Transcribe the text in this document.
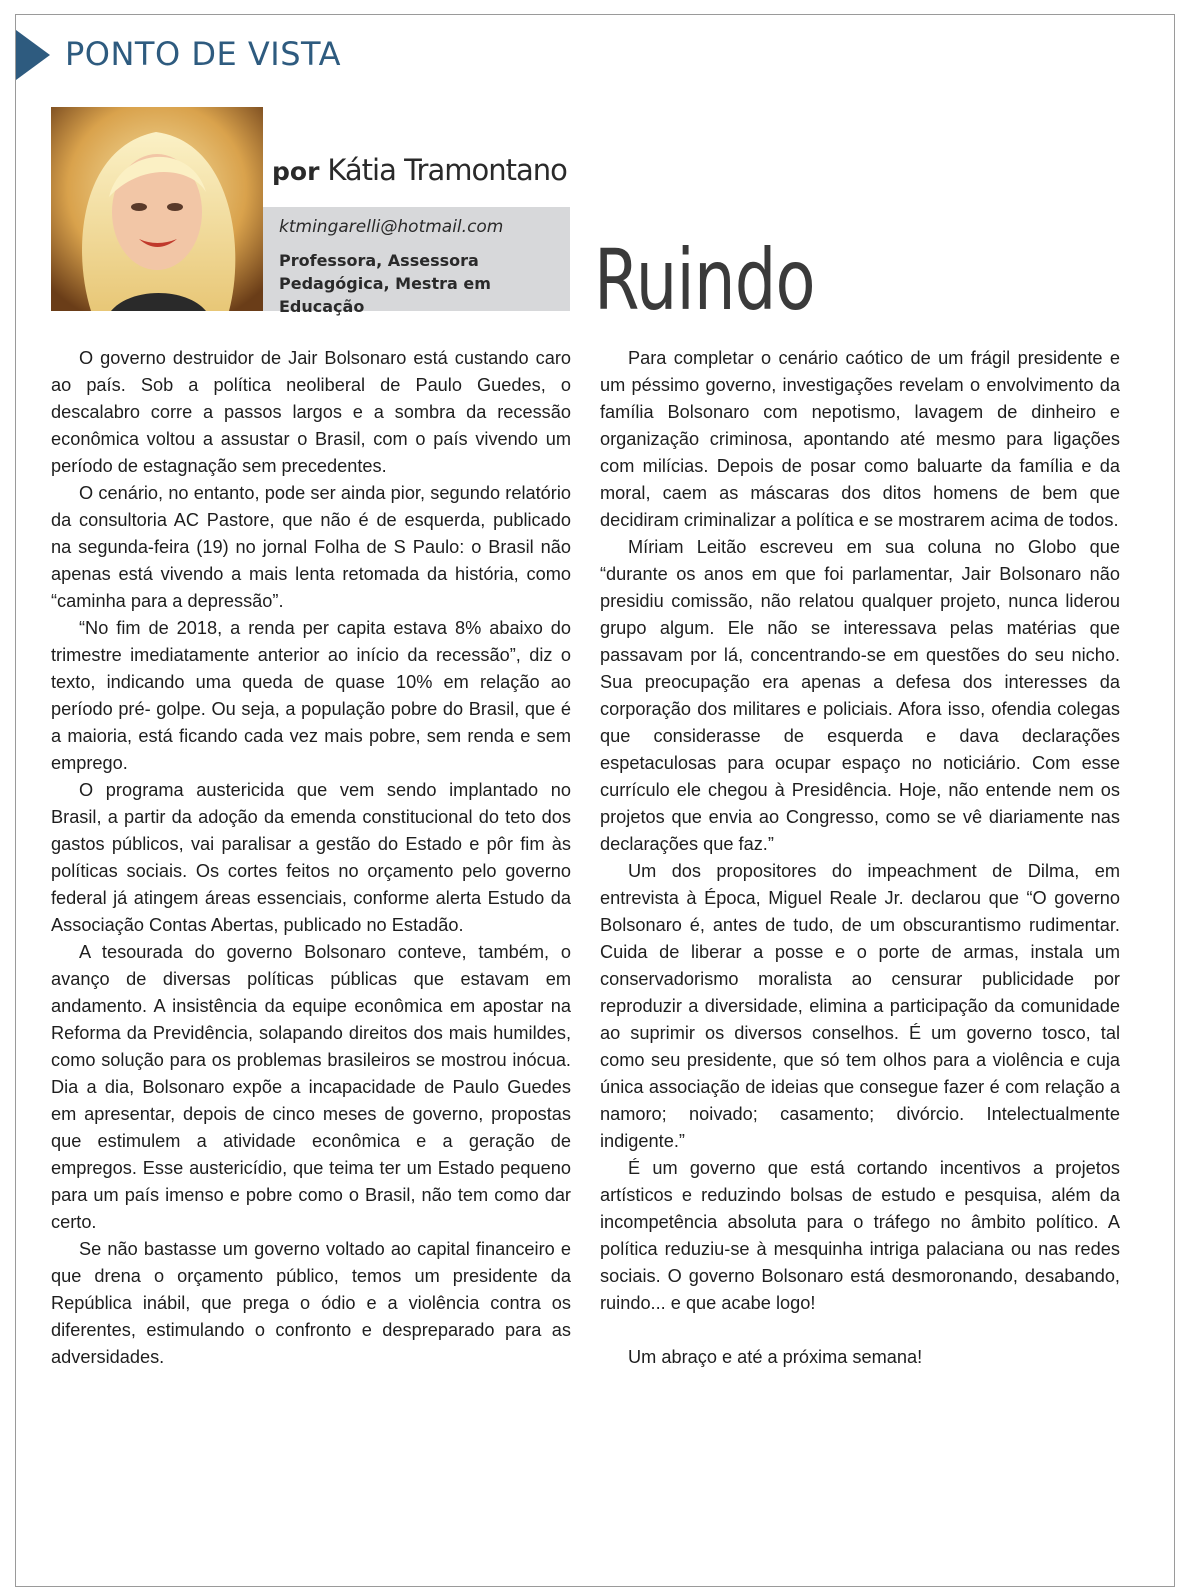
PONTO DE VISTA
por Kátia Tramontano
ktmingarelli@hotmail.com
Professora, Assessora Pedagógica, Mestra em Educação	Ruindo

O governo destruidor de Jair Bolsonaro está custando caro ao país. Sob a política neoliberal de Paulo Guedes, o descalabro corre a passos largos e a sombra da recessão econômica voltou a assustar o Brasil, com o país vivendo um período de estagnação sem precedentes.

O cenário, no entanto, pode ser ainda pior, segundo relatório da consultoria AC Pastore, que não é de esquerda, publicado na segunda-feira (19) no jornal Folha de S Paulo: o Brasil não apenas está vivendo a mais lenta retomada da história, como “caminha para a depressão”.

“No fim de 2018, a renda per capita estava 8% abaixo do trimestre imediatamente anterior ao início da recessão”, diz o texto, indicando uma queda de quase 10% em relação ao período pré- golpe. Ou seja, a população pobre do Brasil, que é a maioria, está ficando cada vez mais pobre, sem renda e sem emprego.

O programa austericida que vem sendo implantado no Brasil, a partir da adoção da emenda constitucional do teto dos gastos públicos, vai paralisar a gestão do Estado e pôr fim às políticas sociais. Os cortes feitos no orçamento pelo governo federal já atingem áreas essenciais, conforme alerta Estudo da Associação Contas Abertas, publicado no Estadão.

A tesourada do governo Bolsonaro conteve, também, o avanço de diversas políticas públicas que estavam em andamento. A insistência da equipe econômica em apostar na Reforma da Previdência, solapando direitos dos mais humildes, como solução para os problemas brasileiros se mostrou inócua. Dia a dia, Bolsonaro expõe a incapacidade de Paulo Guedes em apresentar, depois de cinco meses de governo, propostas que estimulem a atividade econômica e a geração de empregos. Esse austericídio, que teima ter um Estado pequeno para um país imenso e pobre como o Brasil, não tem como dar certo.

Se não bastasse um governo voltado ao capital financeiro e que drena o orçamento público, temos um presidente da República inábil, que prega o ódio e a violência contra os diferentes, estimulando o confronto e despreparado para as adversidades.

Para completar o cenário caótico de um frágil presidente e um péssimo governo, investigações revelam o envolvimento da família Bolsonaro com nepotismo, lavagem de dinheiro e organização criminosa, apontando até mesmo para ligações com milícias. Depois de posar como baluarte da família e da moral, caem as máscaras dos ditos homens de bem que decidiram criminalizar a política e se mostrarem acima de todos.

Míriam Leitão escreveu em sua coluna no Globo que “durante os anos em que foi parlamentar, Jair Bolsonaro não presidiu comissão, não relatou qualquer projeto, nunca liderou grupo algum. Ele não se interessava pelas matérias que passavam por lá, concentrando-se em questões do seu nicho. Sua preocupação era apenas a defesa dos interesses da corporação dos militares e policiais. Afora isso, ofendia colegas que considerasse de esquerda e dava declarações espetaculosas para ocupar espaço no noticiário. Com esse currículo ele chegou à Presidência. Hoje, não entende nem os projetos que envia ao Congresso, como se vê diariamente nas declarações que faz.”

Um dos propositores do impeachment de Dilma, em entrevista à Época, Miguel Reale Jr. declarou que “O governo Bolsonaro é, antes de tudo, de um obscurantismo rudimentar. Cuida de liberar a posse e o porte de armas, instala um conservadorismo moralista ao censurar publicidade por reproduzir a diversidade, elimina a participação da comunidade ao suprimir os diversos conselhos. É um governo tosco, tal como seu presidente, que só tem olhos para a violência e cuja única associação de ideias que consegue fazer é com relação a namoro; noivado; casamento; divórcio. Intelectualmente indigente.”

É um governo que está cortando incentivos a projetos artísticos e reduzindo bolsas de estudo e pesquisa, além da incompetência absoluta para o tráfego no âmbito político. A política reduziu-se à mesquinha intriga palaciana ou nas redes sociais. O governo Bolsonaro está desmoronando, desabando, ruindo... e que acabe logo!

Um abraço e até a próxima semana!
